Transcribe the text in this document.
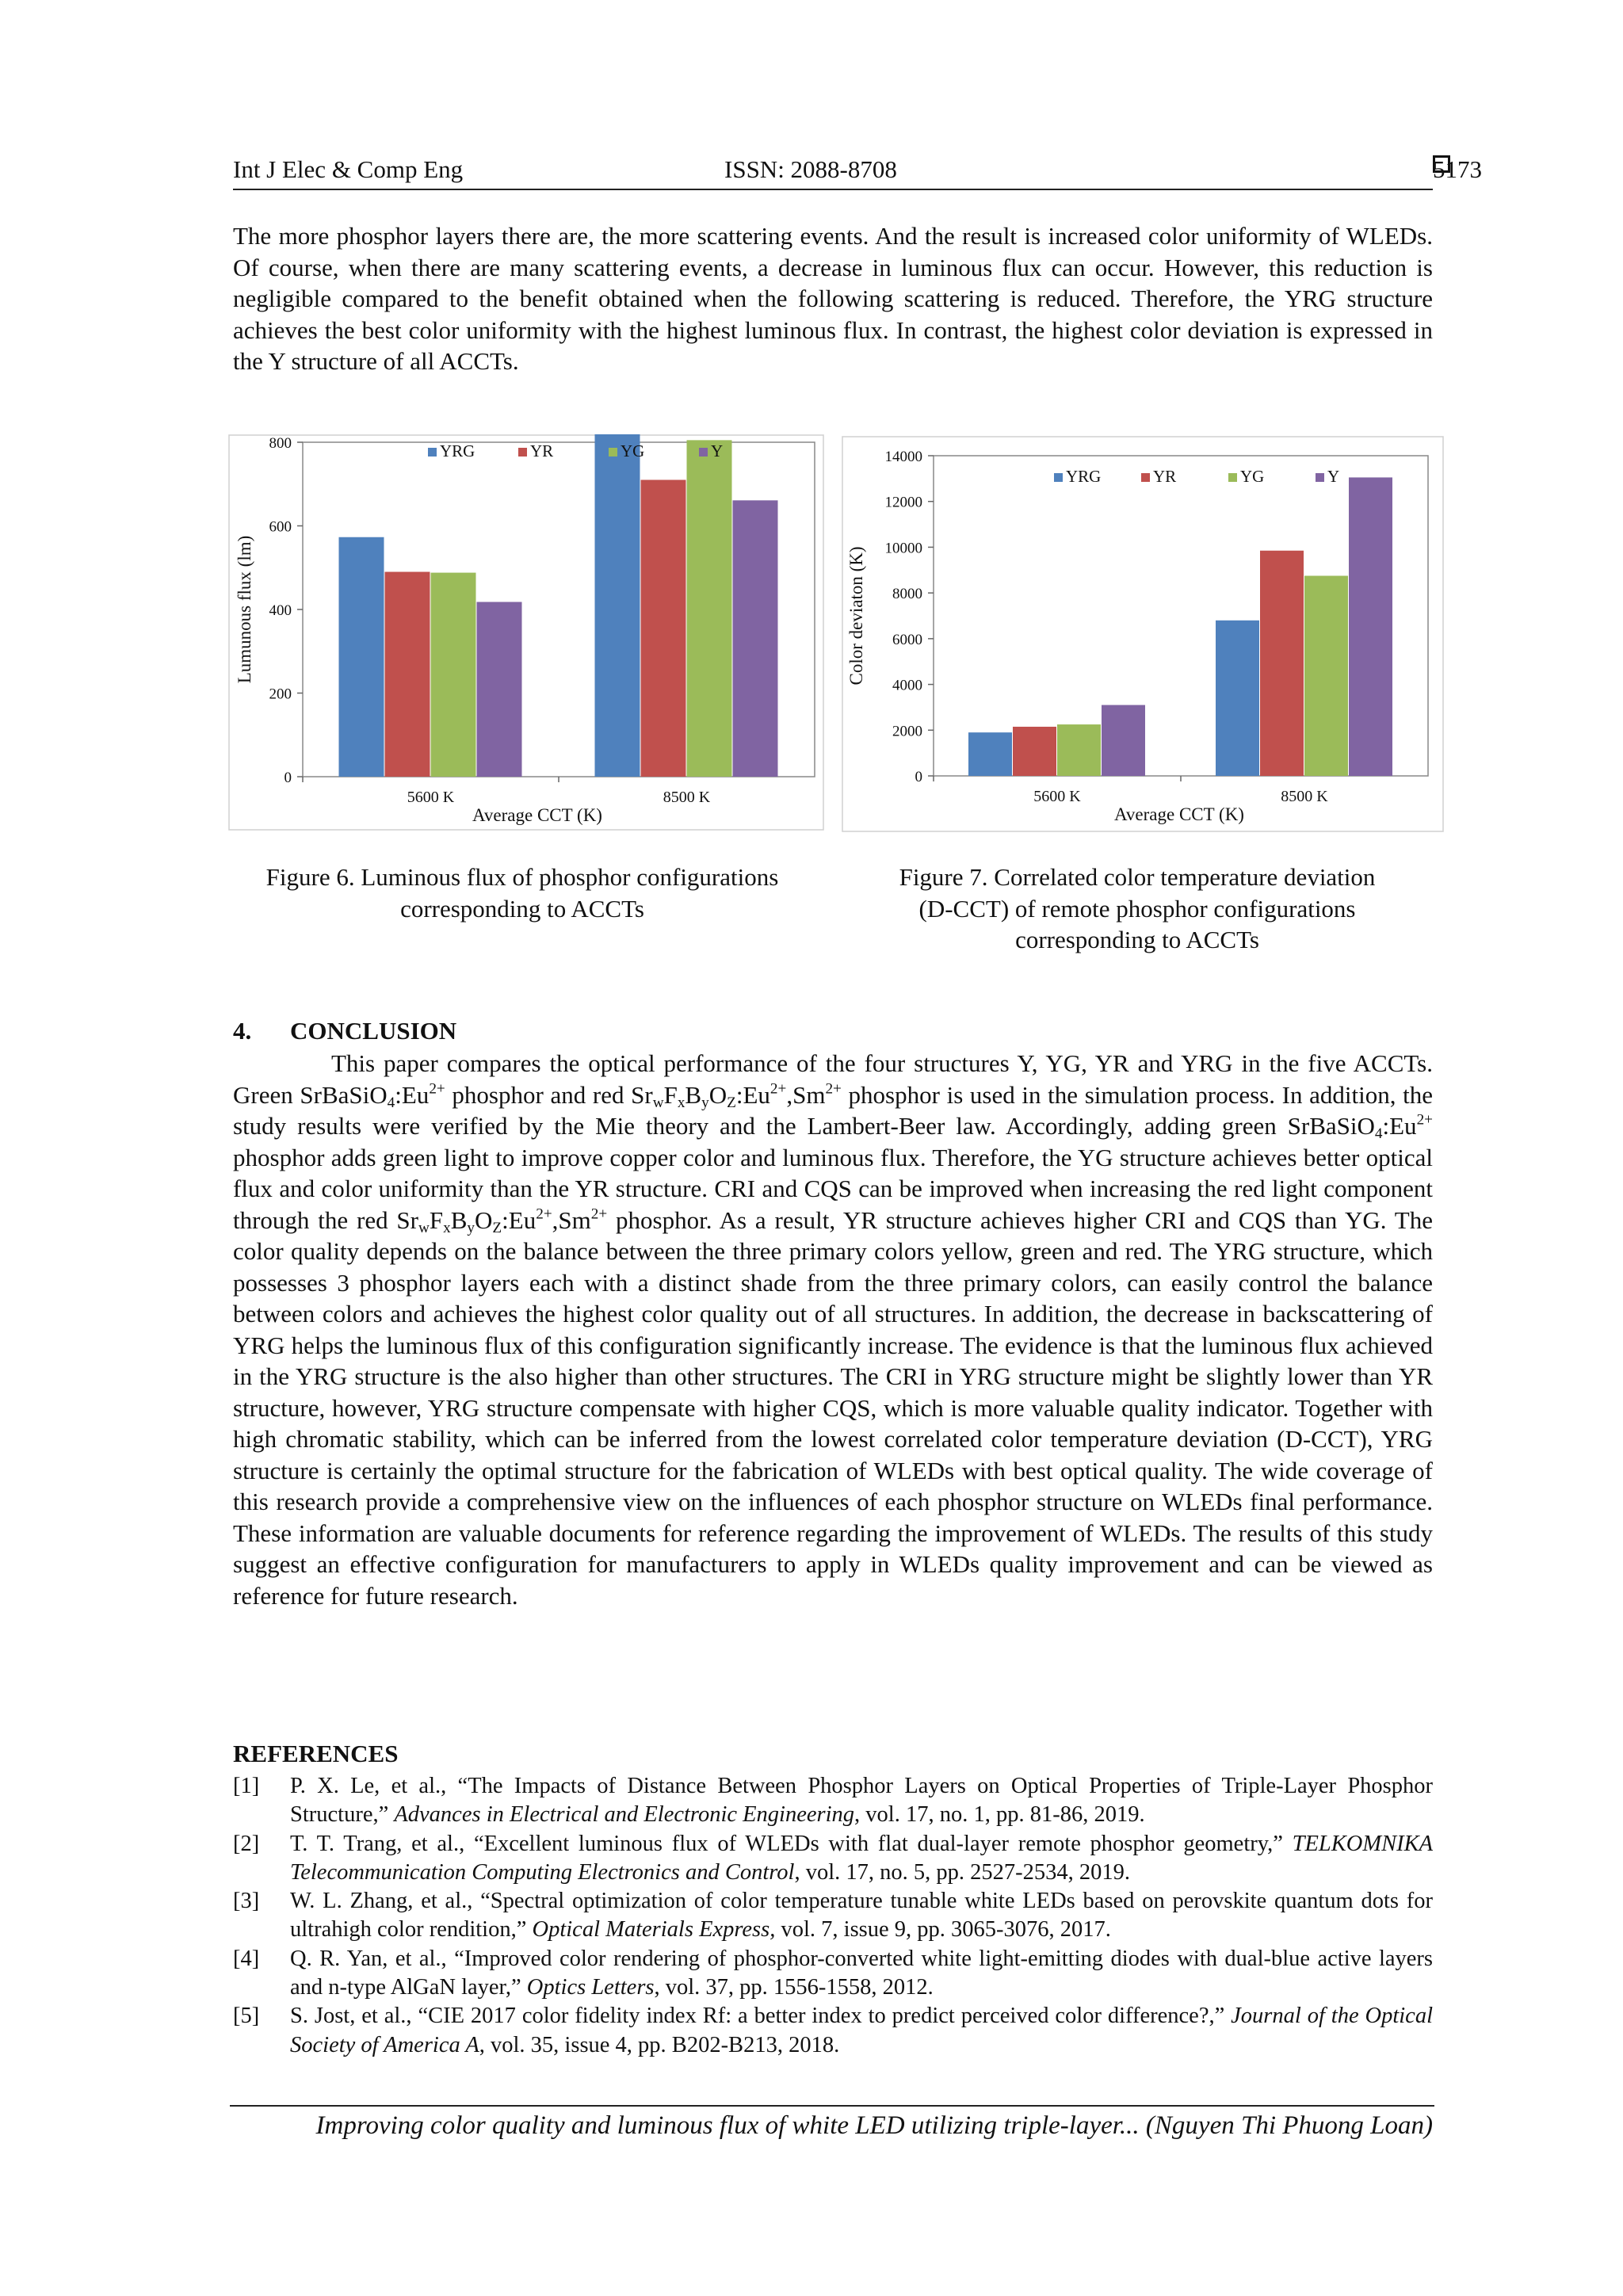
Int J Elec & Comp Eng	ISSN: 2088-8708	5173
The more phosphor layers there are, the more scattering events. And the result is increased color uniformity of WLEDs. Of course, when there are many scattering events, a decrease in luminous flux can occur. However, this reduction is negligible compared to the benefit obtained when the following scattering is reduced. Therefore, the YRG structure achieves the best color uniformity with the highest luminous flux. In contrast, the highest color deviation is expressed in the Y structure of all ACCTs.
0
200
400
600
800
5600 K	8500 K
Average CCT (K)
Lumunous flux (lm)
YRG	YR	YG	Y
Figure 6. Luminous flux of phosphor configurations corresponding to ACCTs
0
2000
4000
6000
8000
10000
12000
14000
5600 K	8500 K
Average CCT (K)
Color deviaton (K)
YRG	YR	YG	Y
Figure 7. Correlated color temperature deviation (D-CCT) of remote phosphor configurations corresponding to ACCTs
4. CONCLUSION
This paper compares the optical performance of the four structures Y, YG, YR and YRG in the five ACCTs. Green $SrBaSiO_4:Eu^{2+}$ phosphor and red $Sr_wF_xB_yO_Z:Eu^{2+},Sm^{2+}$ phosphor is used in the simulation process. In addition, the study results were verified by the Mie theory and the Lambert-Beer law. Accordingly, adding green $SrBaSiO_4:Eu^{2+}$ phosphor adds green light to improve copper color and luminous flux. Therefore, the YG structure achieves better optical flux and color uniformity than the YR structure. CRI and CQS can be improved when increasing the red light component through the red $Sr_wF_xB_yO_Z:Eu^{2+},Sm^{2+}$ phosphor. As a result, YR structure achieves higher CRI and CQS than YG. The color quality depends on the balance between the three primary colors yellow, green and red. The YRG structure, which possesses 3 phosphor layers each with a distinct shade from the three primary colors, can easily control the balance between colors and achieves the highest color quality out of all structures. In addition, the decrease in backscattering of YRG helps the luminous flux of this configuration significantly increase. The evidence is that the luminous flux achieved in the YRG structure is the also higher than other structures. The CRI in YRG structure might be slightly lower than YR structure, however, YRG structure compensate with higher CQS, which is more valuable quality indicator. Together with high chromatic stability, which can be inferred from the lowest correlated color temperature deviation (D-CCT), YRG structure is certainly the optimal structure for the fabrication of WLEDs with best optical quality. The wide coverage of this research provide a comprehensive view on the influences of each phosphor structure on WLEDs final performance. These information are valuable documents for reference regarding the improvement of WLEDs. The results of this study suggest an effective configuration for manufacturers to apply in WLEDs quality improvement and can be viewed as reference for future research.
REFERENCES
[1] P. X. Le, et al., “The Impacts of Distance Between Phosphor Layers on Optical Properties of Triple-Layer Phosphor Structure,” Advances in Electrical and Electronic Engineering, vol. 17, no. 1, pp. 81-86, 2019.
[2] T. T. Trang, et al., “Excellent luminous flux of WLEDs with flat dual-layer remote phosphor geometry,” TELKOMNIKA Telecommunication Computing Electronics and Control, vol. 17, no. 5, pp. 2527-2534, 2019.
[3] W. L. Zhang, et al., “Spectral optimization of color temperature tunable white LEDs based on perovskite quantum dots for ultrahigh color rendition,” Optical Materials Express, vol. 7, issue 9, pp. 3065-3076, 2017.
[4] Q. R. Yan, et al., “Improved color rendering of phosphor-converted white light-emitting diodes with dual-blue active layers and n-type AlGaN layer,” Optics Letters, vol. 37, pp. 1556-1558, 2012.
[5] S. Jost, et al., “CIE 2017 color fidelity index Rf: a better index to predict perceived color difference?,” Journal of the Optical Society of America A, vol. 35, issue 4, pp. B202-B213, 2018.
Improving color quality and luminous flux of white LED utilizing triple-layer... (Nguyen Thi Phuong Loan)
